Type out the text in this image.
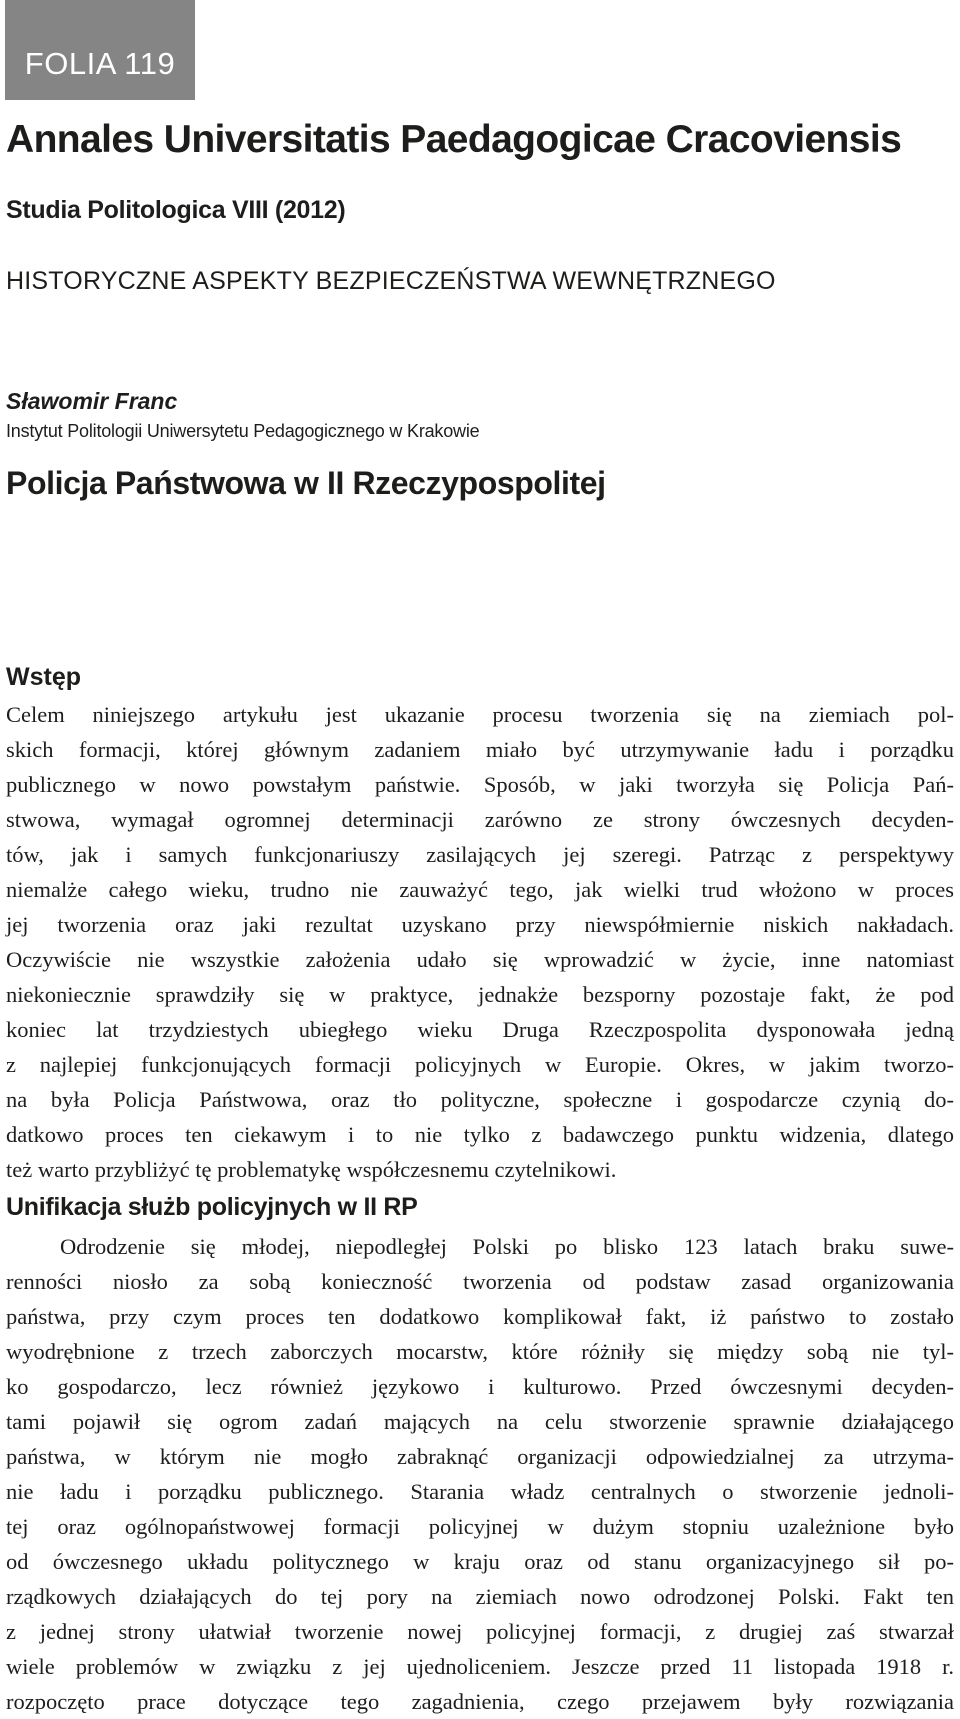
FOLIA 119
Annales Universitatis Paedagogicae Cracoviensis
Studia Politologica VIII (2012)
HISTORYCZNE ASPEKTY BEZPIECZEŃSTWA WEWNĘTRZNEGO
Sławomir Franc
Instytut Politologii Uniwersytetu Pedagogicznego w Krakowie
Policja Państwowa w II Rzeczypospolitej
Wstęp
Celem niniejszego artykułu jest ukazanie procesu tworzenia się na ziemiach pol-
skich formacji, której głównym zadaniem miało być utrzymywanie ładu i porządku
publicznego w nowo powstałym państwie. Sposób, w jaki tworzyła się Policja Pań-
stwowa, wymagał ogromnej determinacji zarówno ze strony ówczesnych decyden-
tów, jak i samych funkcjonariuszy zasilających jej szeregi. Patrząc z perspektywy
niemalże całego wieku, trudno nie zauważyć tego, jak wielki trud włożono w proces
jej tworzenia oraz jaki rezultat uzyskano przy niewspółmiernie niskich nakładach.
Oczywiście nie wszystkie założenia udało się wprowadzić w życie, inne natomiast
niekoniecznie sprawdziły się w praktyce, jednakże bezsporny pozostaje fakt, że pod
koniec lat trzydziestych ubiegłego wieku Druga Rzeczpospolita dysponowała jedną
z najlepiej funkcjonujących formacji policyjnych w Europie. Okres, w jakim tworzo-
na była Policja Państwowa, oraz tło polityczne, społeczne i gospodarcze czynią do-
datkowo proces ten ciekawym i to nie tylko z badawczego punktu widzenia, dlatego
też warto przybliżyć tę problematykę współczesnemu czytelnikowi.
Unifikacja służb policyjnych w II RP
Odrodzenie się młodej, niepodległej Polski po blisko 123 latach braku suwe-
renności niosło za sobą konieczność tworzenia od podstaw zasad organizowania
państwa, przy czym proces ten dodatkowo komplikował fakt, iż państwo to zostało
wyodrębnione z trzech zaborczych mocarstw, które różniły się między sobą nie tyl-
ko gospodarczo, lecz również językowo i kulturowo. Przed ówczesnymi decyden-
tami pojawił się ogrom zadań mających na celu stworzenie sprawnie działającego
państwa, w którym nie mogło zabraknąć organizacji odpowiedzialnej za utrzyma-
nie ładu i porządku publicznego. Starania władz centralnych o stworzenie jednoli-
tej oraz ogólnopaństwowej formacji policyjnej w dużym stopniu uzależnione było
od ówczesnego układu politycznego w kraju oraz od stanu organizacyjnego sił po-
rządkowych działających do tej pory na ziemiach nowo odrodzonej Polski. Fakt ten
z jednej strony ułatwiał tworzenie nowej policyjnej formacji, z drugiej zaś stwarzał
wiele problemów w związku z jej ujednoliceniem. Jeszcze przed 11 listopada 1918 r.
rozpoczęto prace dotyczące tego zagadnienia, czego przejawem były rozwiązania
